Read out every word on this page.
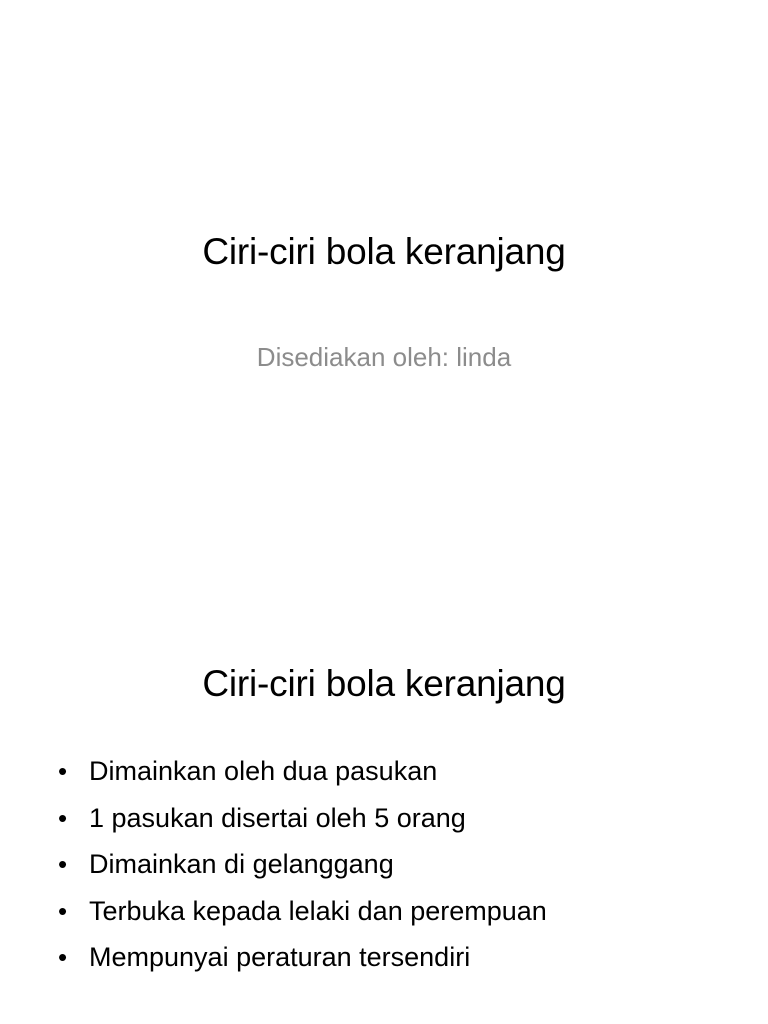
Ciri-ciri bola keranjang
Disediakan oleh: linda
Ciri-ciri bola keranjang
• Dimainkan oleh dua pasukan
• 1 pasukan disertai oleh 5 orang
• Dimainkan di gelanggang
• Terbuka kepada lelaki dan perempuan
• Mempunyai peraturan tersendiri
